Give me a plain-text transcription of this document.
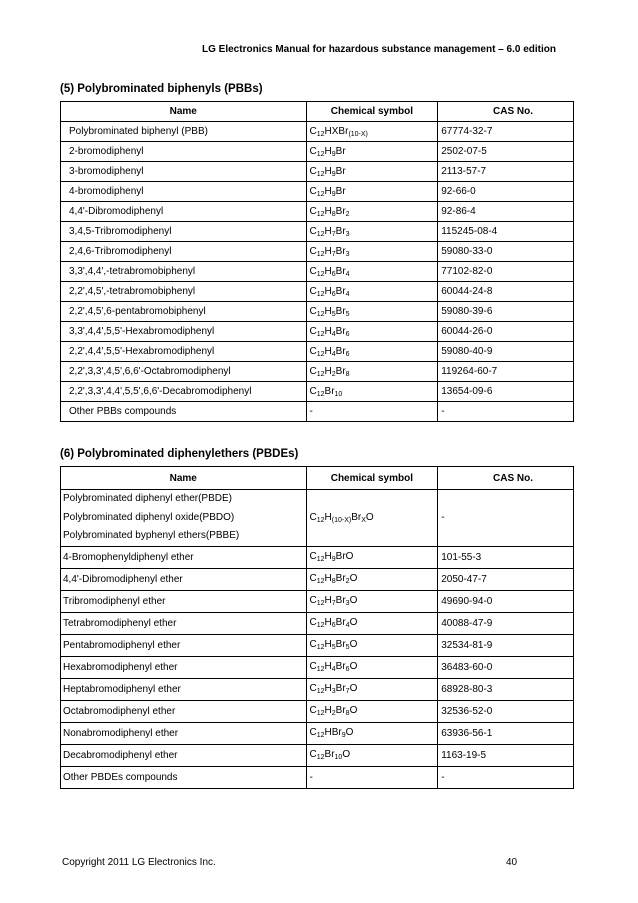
LG Electronics Manual for hazardous substance management – 6.0 edition
(5) Polybrominated biphenyls (PBBs)
Name	Chemical symbol	CAS No.
Polybrominated biphenyl (PBB)	$C_{12}HXBr_{(10-X)}$	67774-32-7
2-bromodiphenyl	$C_{12}H_9Br$	2502-07-5
3-bromodiphenyl	$C_{12}H_9Br$	2113-57-7
4-bromodiphenyl	$C_{12}H_9Br$	92-66-0
4,4'-Dibromodiphenyl	$C_{12}H_8Br_2$	92-86-4
3,4,5-Tribromodiphenyl	$C_{12}H_7Br_3$	115245-08-4
2,4,6-Tribromodiphenyl	$C_{12}H_7Br_3$	59080-33-0
3,3',4,4',-tetrabromobiphenyl	$C_{12}H_6Br_4$	77102-82-0
2,2',4,5',-tetrabromobiphenyl	$C_{12}H_6Br_4$	60044-24-8
2,2',4,5',6-pentabromobiphenyl	$C_{12}H_5Br_5$	59080-39-6
3,3',4,4',5,5'-Hexabromodiphenyl	$C_{12}H_4Br_6$	60044-26-0
2,2',4,4',5,5'-Hexabromodiphenyl	$C_{12}H_4Br_6$	59080-40-9
2,2',3,3',4,5',6,6'-Octabromodiphenyl	$C_{12}H_2Br_8$	119264-60-7
2,2',3,3',4,4',5,5',6,6'-Decabromodiphenyl	$C_{12}Br_{10}$	13654-09-6
Other PBBs compounds	-	-
(6) Polybrominated diphenylethers (PBDEs)
Name	Chemical symbol	CAS No.

Polybrominated diphenyl ether(PBDE)
Polybrominated diphenyl oxide(PBDO)
Polybrominated byphenyl ethers(PBBE)	$C_{12}H_{(10-X)}Br_XO$	-
4-Bromophenyldiphenyl ether	$C_{12}H_9BrO$	101-55-3
4,4'-Dibromodiphenyl ether	$C_{12}H_8Br_2O$	2050-47-7
Tribromodiphenyl ether	$C_{12}H_7Br_3O$	49690-94-0
Tetrabromodiphenyl ether	$C_{12}H_6Br_4O$	40088-47-9
Pentabromodiphenyl ether	$C_{12}H_5Br_5O$	32534-81-9
Hexabromodiphenyl ether	$C_{12}H_4Br_6O$	36483-60-0
Heptabromodiphenyl ether	$C_{12}H_3Br_7O$	68928-80-3
Octabromodiphenyl ether	$C_{12}H_2Br_8O$	32536-52-0
Nonabromodiphenyl ether	$C_{12}HBr_9O$	63936-56-1
Decabromodiphenyl ether	$C_{12}Br_{10}O$	1163-19-5
Other PBDEs compounds	-	-
Copyright 2011 LG Electronics Inc.	40
